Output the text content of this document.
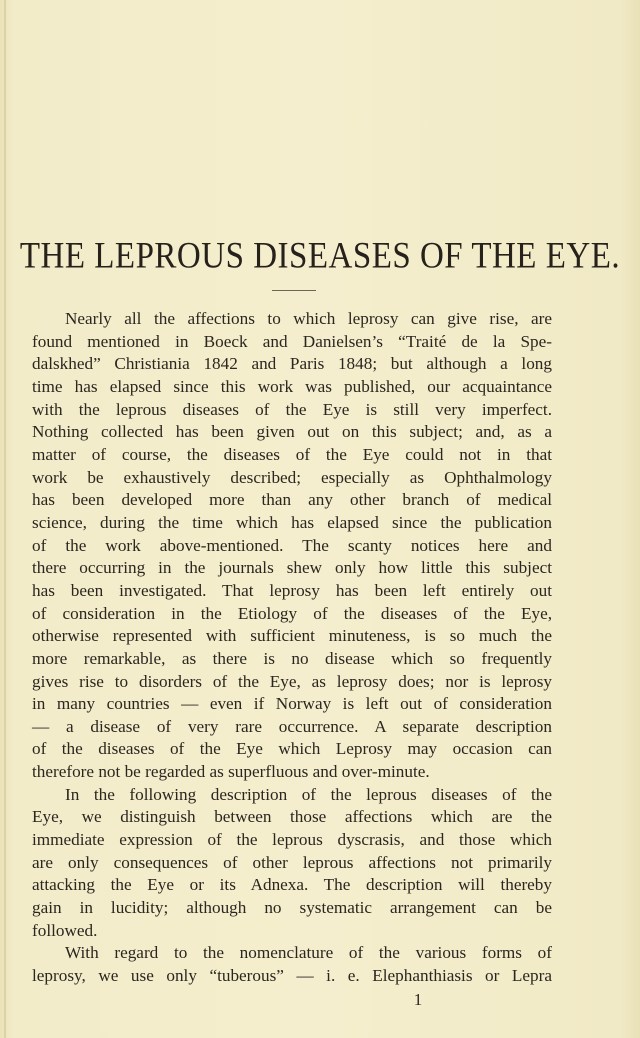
THE LEPROUS DISEASES OF THE EYE.
Nearly all the affections to which leprosy can give rise, are
found mentioned in Boeck and Danielsen’s “Traité de la Spe-
dalskhed” Christiania 1842 and Paris 1848; but although a long
time has elapsed since this work was published, our acquaintance
with the leprous diseases of the Eye is still very imperfect.
Nothing collected has been given out on this subject; and, as a
matter of course, the diseases of the Eye could not in that
work be exhaustively described; especially as Ophthalmology
has been developed more than any other branch of medical
science, during the time which has elapsed since the publication
of the work above-mentioned. The scanty notices here and
there occurring in the journals shew only how little this subject
has been investigated. That leprosy has been left entirely out
of consideration in the Etiology of the diseases of the Eye,
otherwise represented with sufficient minuteness, is so much the
more remarkable, as there is no disease which so frequently
gives rise to disorders of the Eye, as leprosy does; nor is leprosy
in many countries — even if Norway is left out of consideration
— a disease of very rare occurrence. A separate description
of the diseases of the Eye which Leprosy may occasion can
therefore not be regarded as superfluous and over-minute.
In the following description of the leprous diseases of the
Eye, we distinguish between those affections which are the
immediate expression of the leprous dyscrasis, and those which
are only consequences of other leprous affections not primarily
attacking the Eye or its Adnexa. The description will thereby
gain in lucidity; although no systematic arrangement can be
followed.
With regard to the nomenclature of the various forms of
leprosy, we use only “tuberous” — i. e. Elephanthiasis or Lepra
1
